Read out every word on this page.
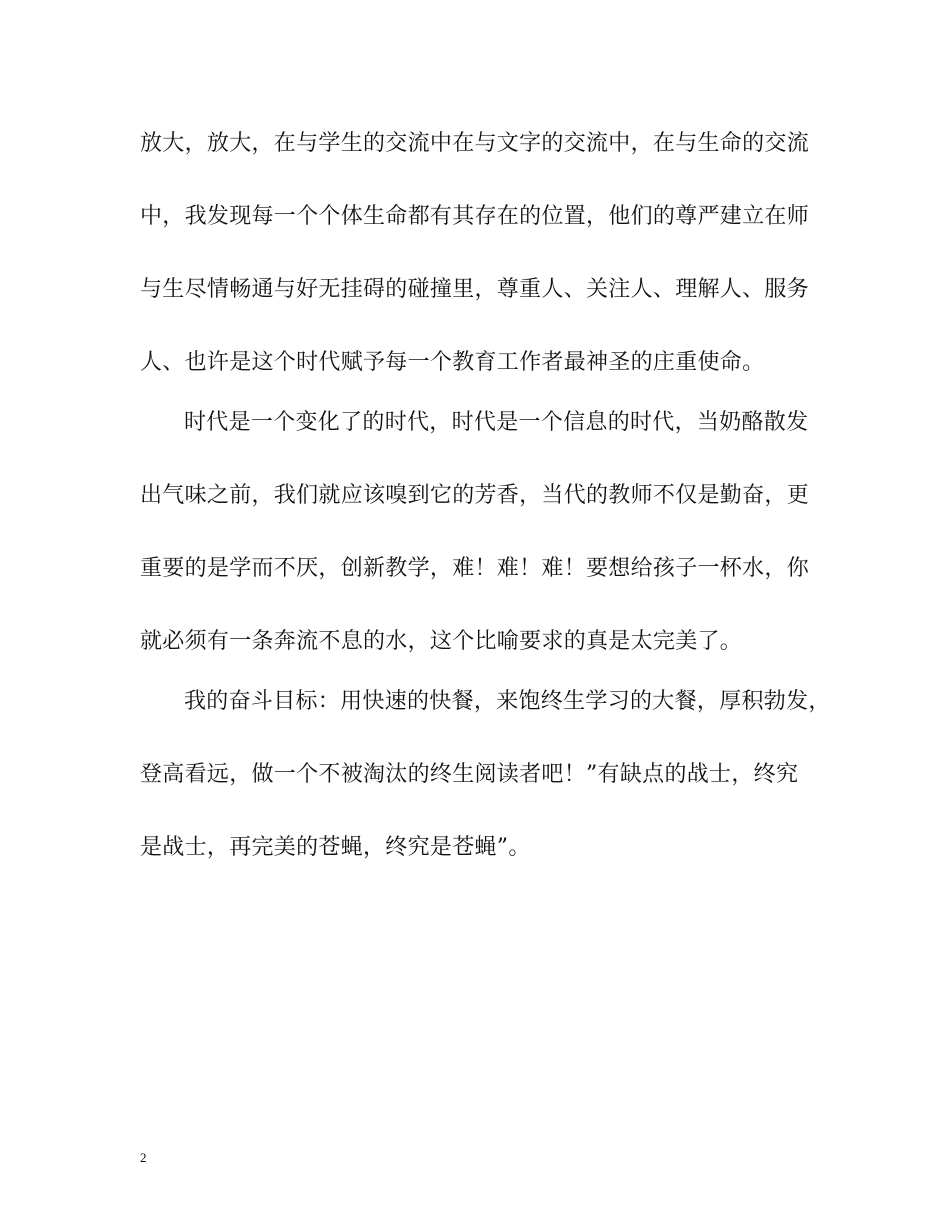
放大，放大，在与学生的交流中在与文字的交流中，在与生命的交流
中，我发现每一个个体生命都有其存在的位置，他们的尊严建立在师
与生尽情畅通与好无挂碍的碰撞里，尊重人、关注人、理解人、服务
人、也许是这个时代赋予每一个教育工作者最神圣的庄重使命。
时代是一个变化了的时代，时代是一个信息的时代，当奶酪散发
出气味之前，我们就应该嗅到它的芳香，当代的教师不仅是勤奋，更
重要的是学而不厌，创新教学，难！难！难！要想给孩子一杯水，你
就必须有一条奔流不息的水，这个比喻要求的真是太完美了。
我的奋斗目标：用快速的快餐，来饱终生学习的大餐，厚积勃发，
登高看远，做一个不被淘汰的终生阅读者吧！”有缺点的战士，终究
是战士，再完美的苍蝇，终究是苍蝇”。
2
